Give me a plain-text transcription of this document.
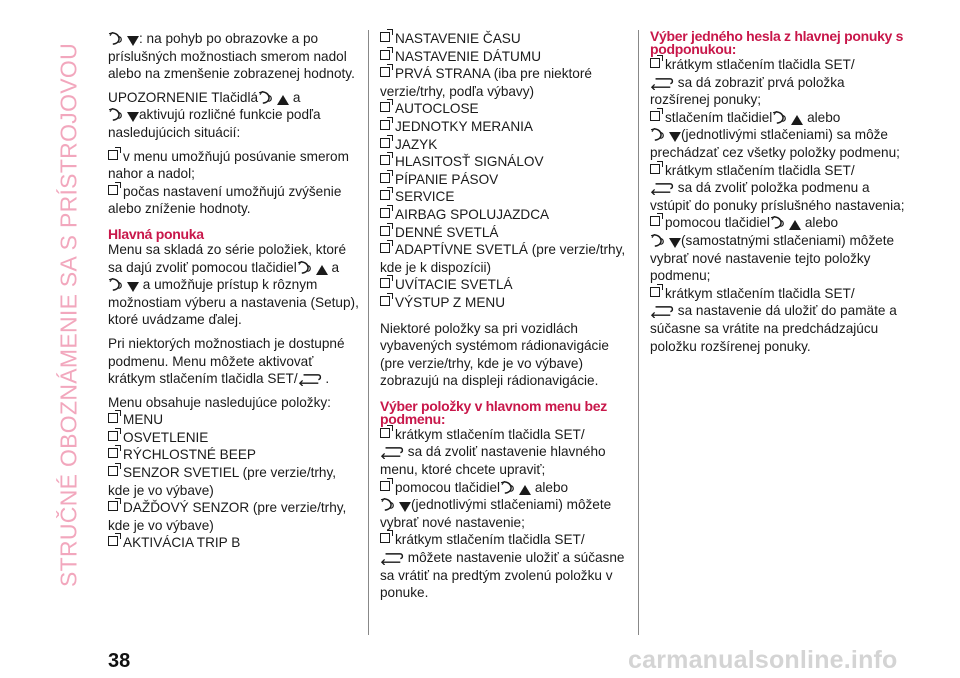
STRUČNÉ OBOZNÁMENIE SA S PRÍSTROJOVOU

: na pohyb po obrazovke a po príslušných možnostiach smerom nadol alebo na zmenšenie zobrazenej hodnoty.

UPOZORNENIE Tlačidlá	a
aktivujú rozličné funkcie podľa nasledujúcich situácií:

v menu umožňujú posúvanie smerom nahor a nadol;
počas nastavení umožňujú zvýšenie alebo zníženie hodnoty.
Hlavná ponuka

Menu sa skladá zo série položiek, ktoré sa dajú zvoliť pomocou tlačidiel	a
a umožňuje prístup k rôznym možnostiam výberu a nastavenia (Setup), ktoré uvádzame ďalej.

Pri niektorých možnostiach je dostupné podmenu. Menu môžete aktivovať krátkym stlačením tlačidla SET/ .

Menu obsahuje nasledujúce položky:

MENU
OSVETLENIE
RÝCHLOSTNÉ BEEP
SENZOR SVETIEL (pre verzie/trhy, kde je vo výbave)
DAŽĎOVÝ SENZOR (pre verzie/trhy, kde je vo výbave)
AKTIVÁCIA TRIP B
NASTAVENIE ČASU
NASTAVENIE DÁTUMU
PRVÁ STRANA (iba pre niektoré verzie/trhy, podľa výbavy)
AUTOCLOSE
JEDNOTKY MERANIA
JAZYK
HLASITOSŤ SIGNÁLOV
PÍPANIE PÁSOV
SERVICE
AIRBAG SPOLUJAZDCA
DENNÉ SVETLÁ
ADAPTÍVNE SVETLÁ (pre verzie/trhy, kde je k dispozícii)
UVÍTACIE SVETLÁ
VÝSTUP Z MENU

Niektoré položky sa pri vozidlách vybavených systémom rádionavigácie (pre verzie/trhy, kde je vo výbave) zobrazujú na displeji rádionavigácie.

Výber položky v hlavnom menu bez podmenu:
krátkym stlačením tlačidla SET/
sa dá zvoliť nastavenie hlavného menu, ktoré chcete upraviť;
pomocou tlačidiel	alebo
(jednotlivými stlačeniami) môžete vybrať nové nastavenie;
krátkym stlačením tlačidla SET/
môžete nastavenie uložiť a súčasne sa vrátiť na predtým zvolenú položku v ponuke.
Výber jedného hesla z hlavnej ponuky s podponukou:
krátkym stlačením tlačidla SET/
sa dá zobraziť prvá položka rozšírenej ponuky;
stlačením tlačidiel	alebo
(jednotlivými stlačeniami) sa môže prechádzať cez všetky položky podmenu;
krátkym stlačením tlačidla SET/
sa dá zvoliť položka podmenu a vstúpiť do ponuky príslušného nastavenia;
pomocou tlačidiel	alebo
(samostatnými stlačeniami) môžete vybrať nové nastavenie tejto položky podmenu;
krátkym stlačením tlačidla SET/
sa nastavenie dá uložiť do pamäte a súčasne sa vrátite na predchádzajúcu položku rozšírenej ponuky.
38	carmanualsonline.info
